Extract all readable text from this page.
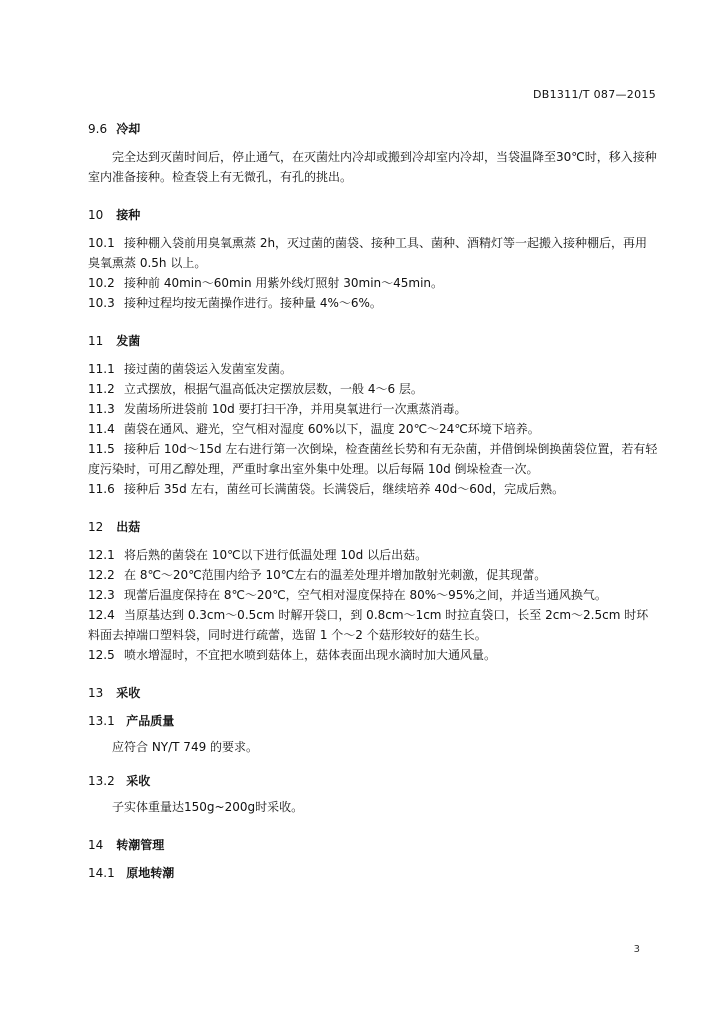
DB1311/T 087—2015
9.6 冷却
完全达到灭菌时间后，停止通气，在灭菌灶内冷却或搬到冷却室内冷却，当袋温降至30℃时，移入接种室内准备接种。检查袋上有无微孔，有孔的挑出。
10 接种
10.1 接种棚入袋前用臭氧熏蒸 2h，灭过菌的菌袋、接种工具、菌种、酒精灯等一起搬入接种棚后，再用臭氧熏蒸 0.5h 以上。
10.2 接种前 40min～60min 用紫外线灯照射 30min～45min。
10.3 接种过程均按无菌操作进行。接种量 4%～6%。
11 发菌
11.1 接过菌的菌袋运入发菌室发菌。
11.2 立式摆放，根据气温高低决定摆放层数，一般 4～6 层。
11.3 发菌场所进袋前 10d 要打扫干净，并用臭氧进行一次熏蒸消毒。
11.4 菌袋在通风、避光，空气相对湿度 60%以下，温度 20℃～24℃环境下培养。
11.5 接种后 10d～15d 左右进行第一次倒垛，检查菌丝长势和有无杂菌，并借倒垛倒换菌袋位置，若有轻度污染时，可用乙醇处理，严重时拿出室外集中处理。以后每隔 10d 倒垛检查一次。
11.6 接种后 35d 左右，菌丝可长满菌袋。长满袋后，继续培养 40d～60d，完成后熟。
12 出菇
12.1 将后熟的菌袋在 10℃以下进行低温处理 10d 以后出菇。
12.2 在 8℃～20℃范围内给予 10℃左右的温差处理并增加散射光刺激，促其现蕾。
12.3 现蕾后温度保持在 8℃～20℃，空气相对湿度保持在 80%～95%之间，并适当通风换气。
12.4 当原基达到 0.3cm～0.5cm 时解开袋口，到 0.8cm～1cm 时拉直袋口，长至 2cm～2.5cm 时环料面去掉端口塑料袋，同时进行疏蕾，选留 1 个～2 个菇形较好的菇生长。
12.5 喷水增湿时，不宜把水喷到菇体上，菇体表面出现水滴时加大通风量。
13 采收
13.1 产品质量
应符合 NY/T 749 的要求。
13.2 采收
子实体重量达150g~200g时采收。
14 转潮管理
14.1 原地转潮
3
